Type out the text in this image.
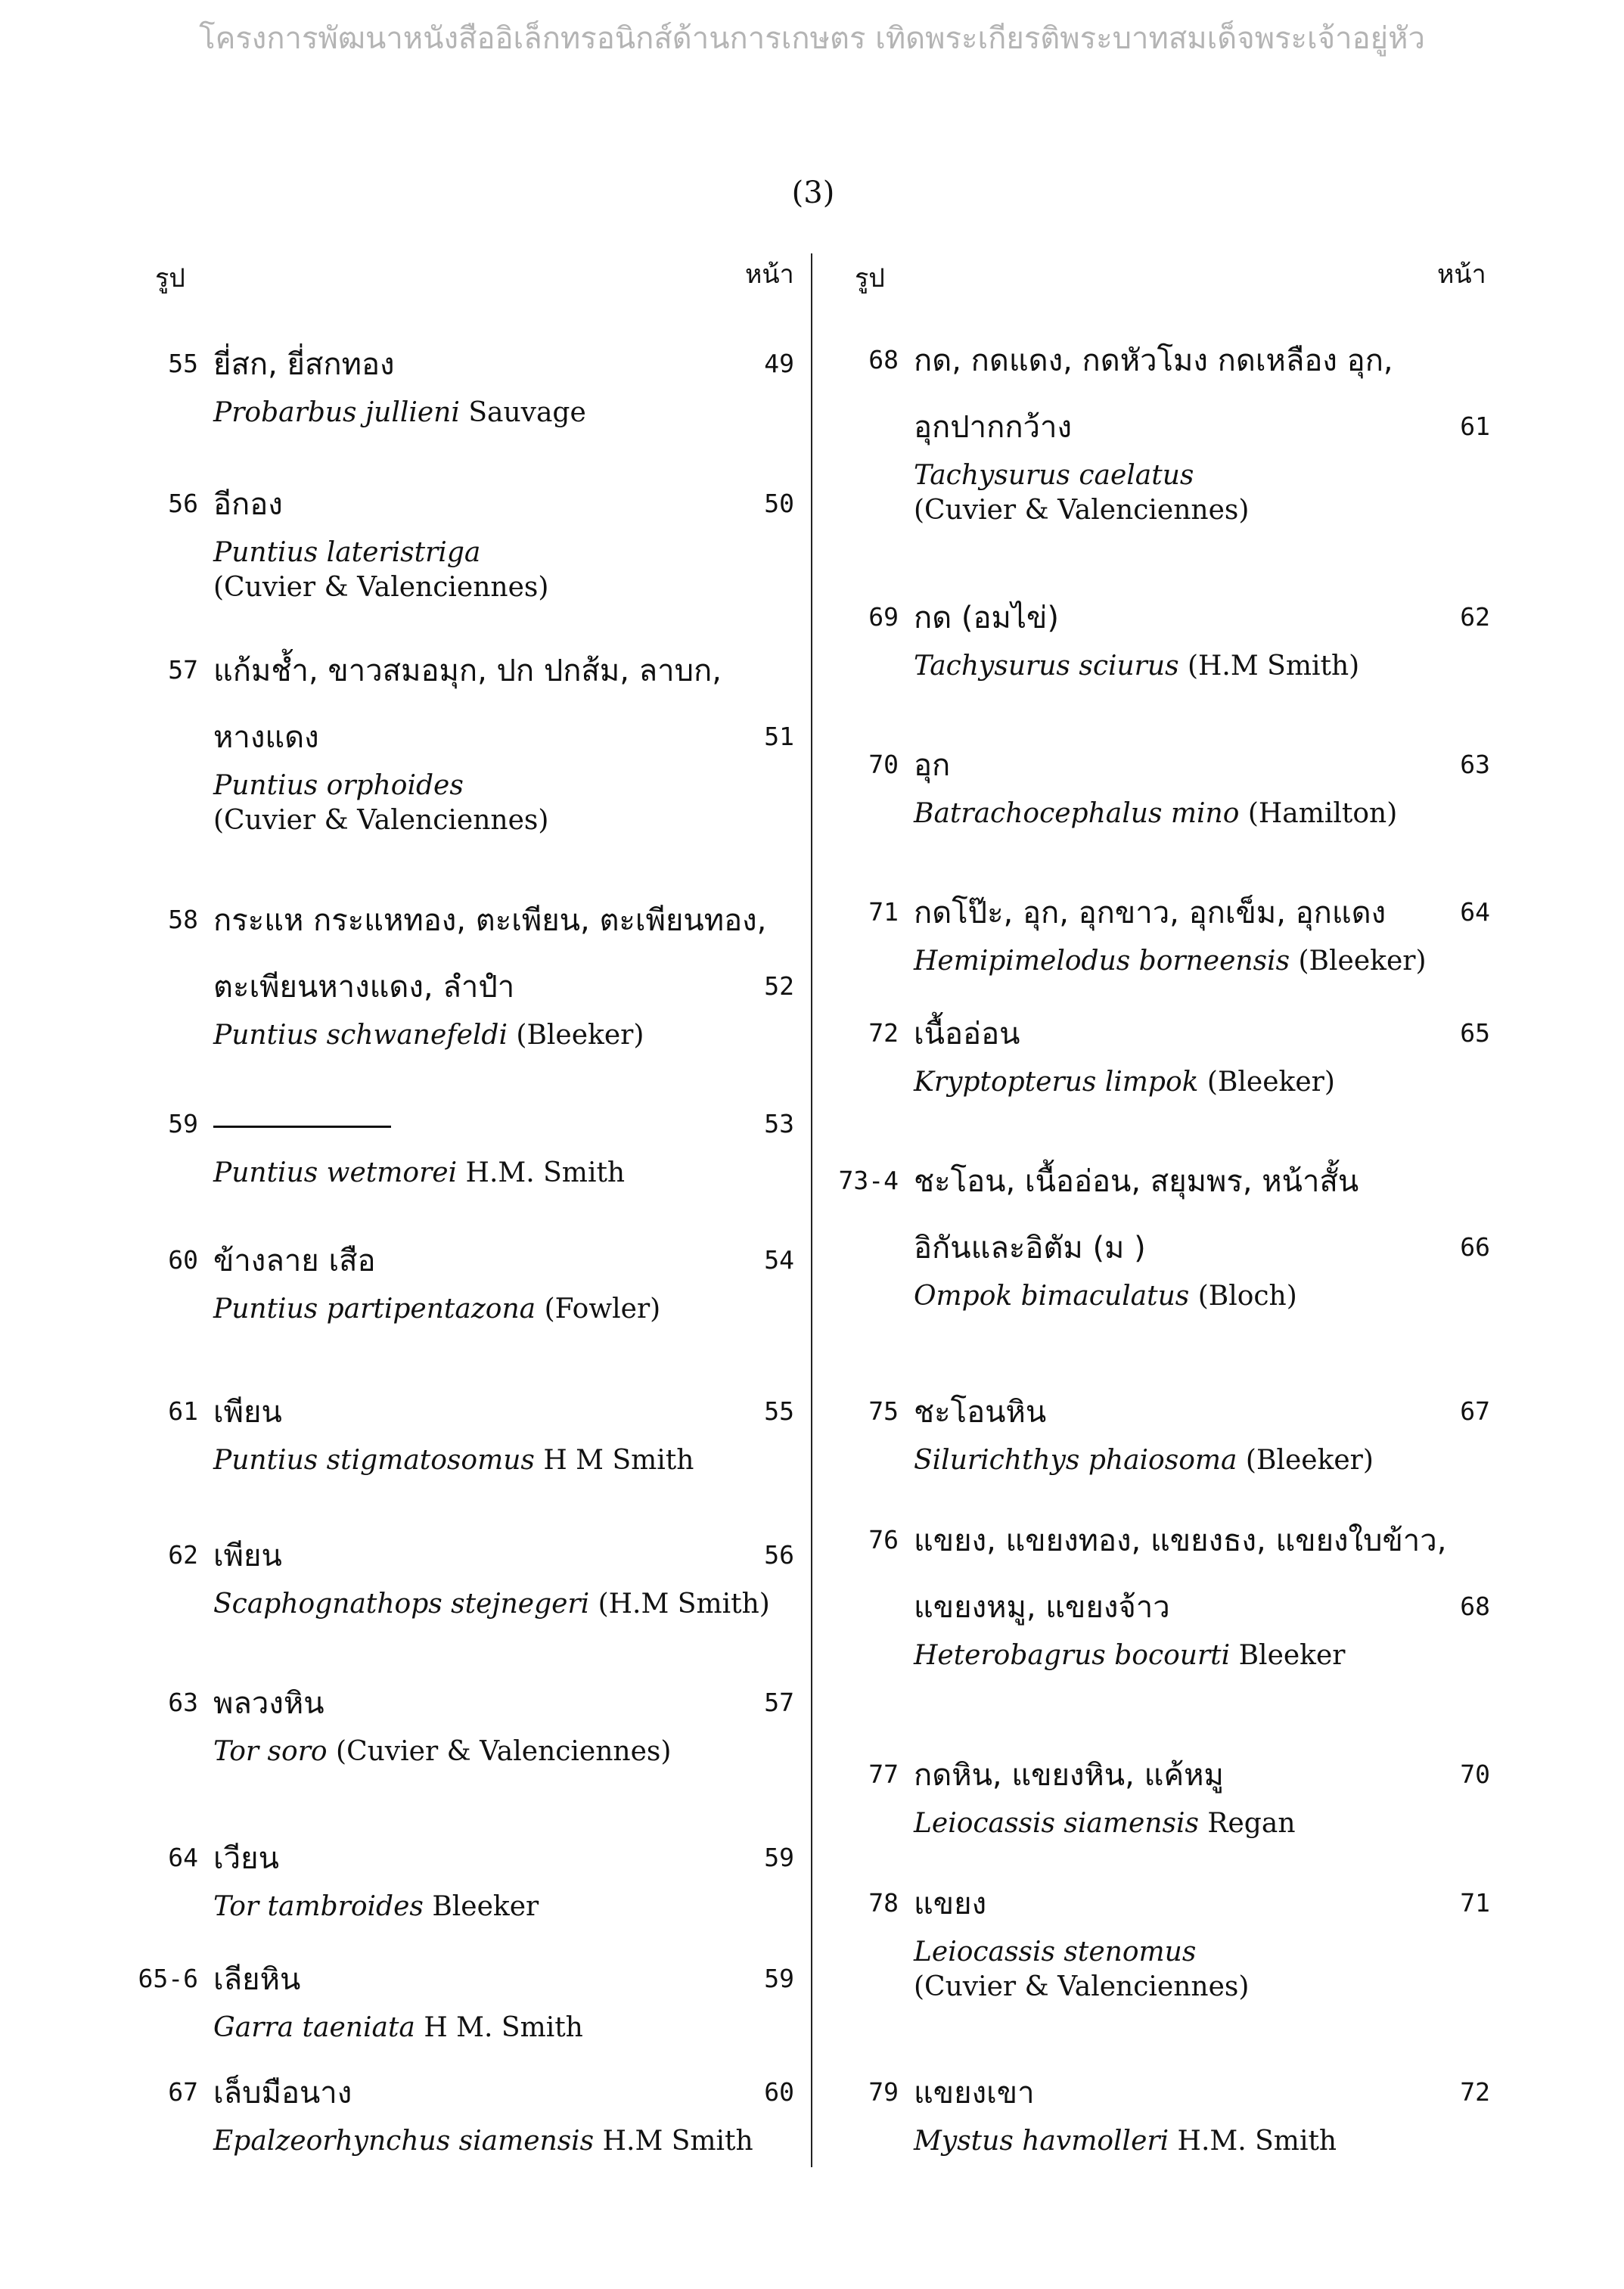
โครงการพัฒนาหนังสืออิเล็กทรอนิกส์ด้านการเกษตร เทิดพระเกียรติพระบาทสมเด็จพระเจ้าอยู่หัว
(3)
รูป	หน้า รูป	หน้า
55 ยี่สก, ยี่สกทอง	49
Probarbus jullieni Sauvage
56 อีกอง	50
Puntius lateristriga
(Cuvier & Valenciennes)
57 แก้มช้ำ, ขาวสมอมุก, ปก ปกส้ม, ลาบก,
หางแดง	51
Puntius orphoides
(Cuvier & Valenciennes)
58 กระแห กระแหทอง, ตะเพียน, ตะเพียนทอง,
ตะเพียนหางแดง, ลำปำ	52
Puntius schwanefeldi (Bleeker)
59	53
Puntius wetmorei H.M. Smith
60 ข้างลาย เสือ	54
Puntius partipentazona (Fowler)
61 เพียน	55
Puntius stigmatosomus H M Smith
62 เพียน	56
Scaphognathops stejnegeri (H.M Smith)
63 พลวงหิน	57
Tor soro (Cuvier & Valenciennes)
64 เวียน	59
Tor tambroides Bleeker
65-6 เลียหิน	59
Garra taeniata H M. Smith
67 เล็บมือนาง	60
Epalzeorhynchus siamensis H.M Smith
68 กด, กดแดง, กดหัวโมง กดเหลือง อุก,
อุกปากกว้าง	61
Tachysurus caelatus
(Cuvier & Valenciennes)
69 กด (อมไข่)	62
Tachysurus sciurus (H.M Smith)
70 อุก	63
Batrachocephalus mino (Hamilton)
71 กดโป๊ะ, อุก, อุกขาว, อุกเข็ม, อุกแดง	64
Hemipimelodus borneensis (Bleeker)
72 เนื้ออ่อน	65
Kryptopterus limpok (Bleeker)
73-4 ชะโอน, เนื้ออ่อน, สยุมพร, หน้าสั้น
อิกันและอิตัม (ม )	66
Ompok bimaculatus (Bloch)
75 ชะโอนหิน	67
Silurichthys phaiosoma (Bleeker)
76 แขยง, แขยงทอง, แขยงธง, แขยงใบข้าว,
แขยงหมู, แขยงจ้าว	68
Heterobagrus bocourti Bleeker
77 กดหิน, แขยงหิน, แค้หมู	70
Leiocassis siamensis Regan
78 แขยง	71
Leiocassis stenomus
(Cuvier & Valenciennes)
79 แขยงเขา	72
Mystus havmolleri H.M. Smith
